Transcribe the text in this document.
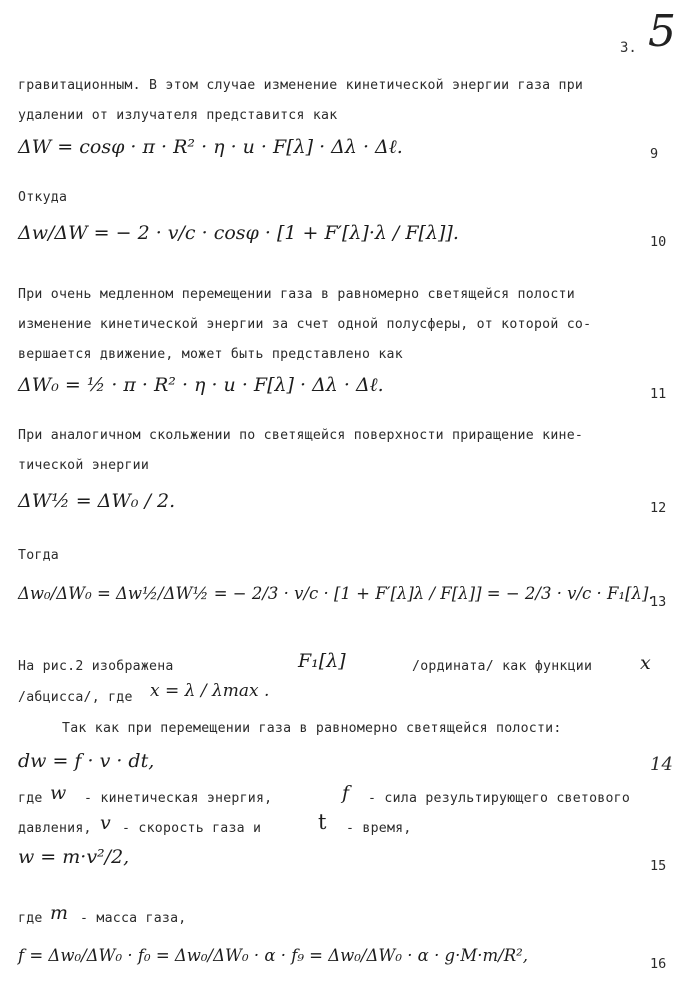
3. 5
гравитационным. В этом случае изменение кинетической энергии газа при
удалении от излучателя представится как
ΔW = cosφ · π · R² · η · u · F[λ] · Δλ · Δℓ.	9
Откуда
Δw/ΔW = − 2 · v/c · cosφ · [1 + F′[λ]·λ / F[λ]].	10
При очень медленном перемещении газа в равномерно светящейся полости
изменение кинетической энергии за счет одной полусферы, от которой со-
вершается движение, может быть представлено как
ΔW₀ = ½ · π · R² · η · u · F[λ] · Δλ · Δℓ.	11
При аналогичном скольжении по светящейся поверхности приращение кине-
тической энергии
ΔW½ = ΔW₀ / 2.	12
Тогда
Δw₀/ΔW₀ = Δw½/ΔW½ = − 2/3 · v/c · [1 + F′[λ]λ / F[λ]] = − 2/3 · v/c · F₁[λ].
13
На рис.2 изображена	F₁[λ]	/ордината/ как функции	x
/абцисса/, где x = λ / λmax .
Так как при перемещении газа в равномерно светящейся полости:
dw = f · v · dt,	14
где w - кинетическая энергия,	f - сила результирующего светового
давления, v - скорость газа и	t - время,
w = m·v²/2,	15
где m - масса газа,
f = Δw₀/ΔW₀ · f₀ = Δw₀/ΔW₀ · α · f₉ = Δw₀/ΔW₀ · α · g·M·m/R²,	16
